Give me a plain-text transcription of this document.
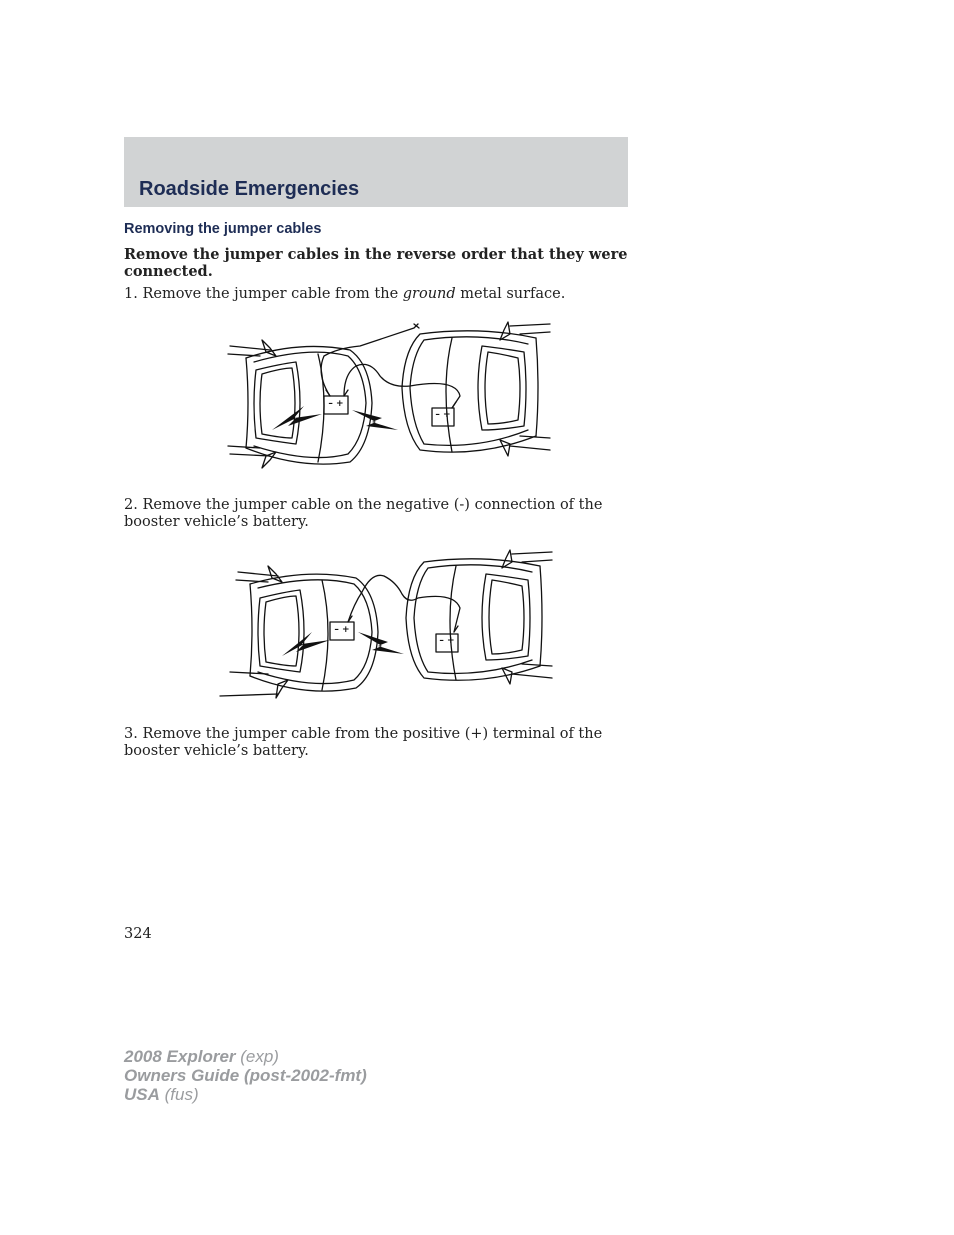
Roadside Emergencies
Removing the jumper cables
Remove the jumper cables in the reverse order that they were connected.
1. Remove the jumper cable from the ground metal surface.
– +
– +
2. Remove the jumper cable on the negative (-) connection of the booster vehicle’s battery.
– +
– +
3. Remove the jumper cable from the positive (+) terminal of the booster vehicle’s battery.
324
2008 Explorer (exp)
Owners Guide (post-2002-fmt)
USA (fus)
